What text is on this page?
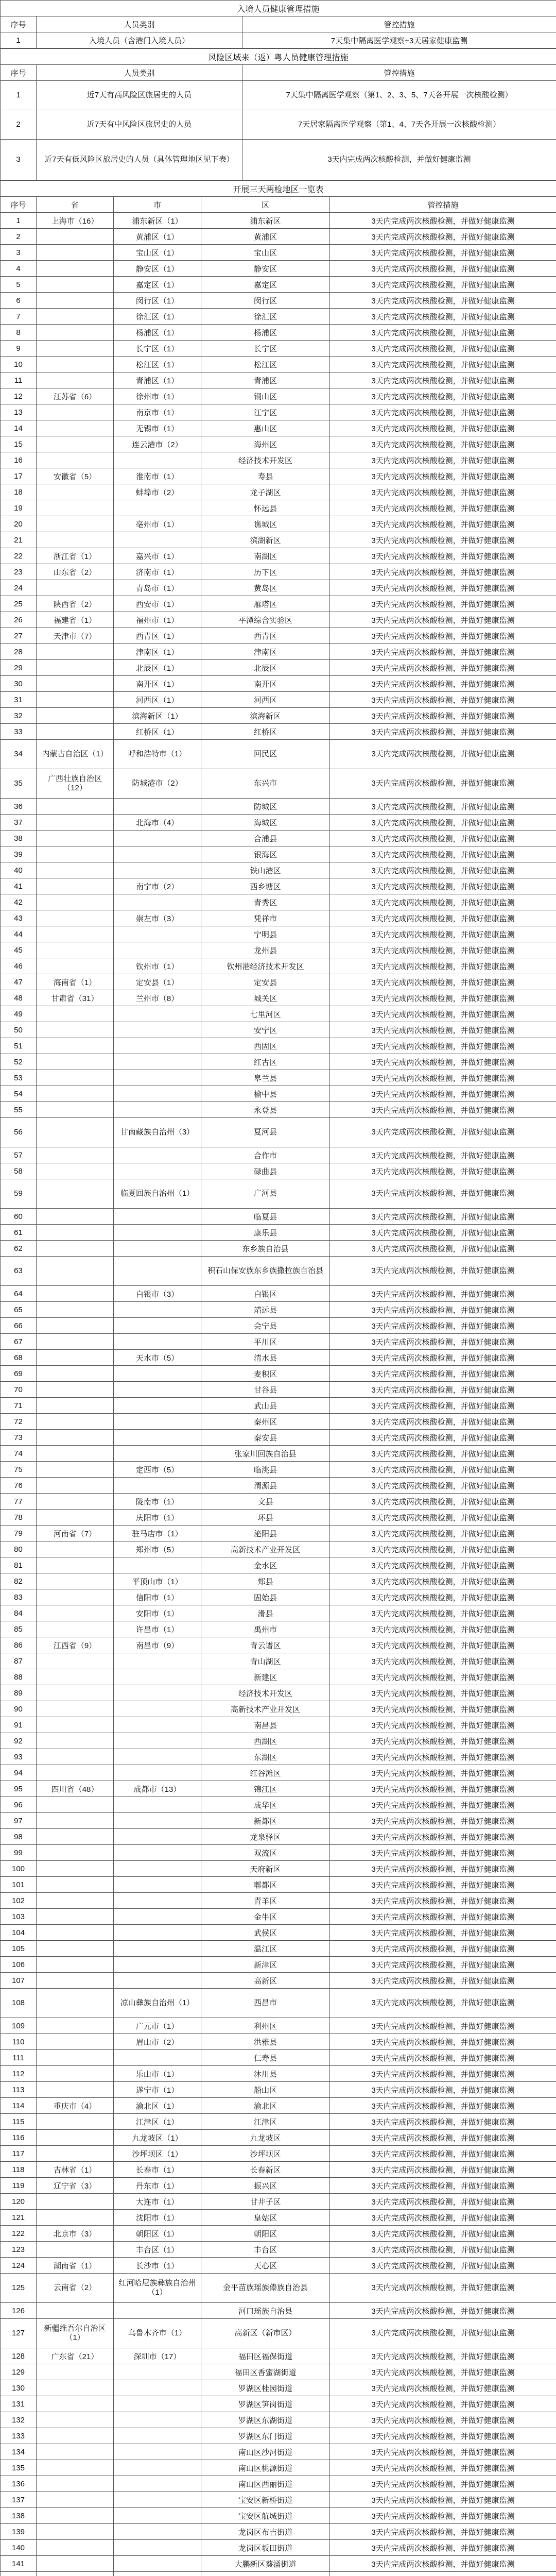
入境人员健康管理措施		
序号	人员类别	管控措施
1	入境人员（含港门入境人员）	7天集中隔离医学观察+3天居家健康监测
风险区域来（返）粤人员健康管理措施		
序号	人员类别	管控措施
1	近7天有高风险区旅居史的人员	7天集中隔离医学观察（第1、2、3、5、7天各开展一次核酸检测）
2	近7天有中风险区旅居史的人员	7天居家隔离医学观察（第1、4、7天各开展一次核酸检测）
3	近7天有低风险区旅居史的人员（具体管理地区见下表）	3天内完成两次核酸检测，并做好健康监测
开展三天两检地区一览表				
序号	省	市	区	管控措施
1	上海市（16）	浦东新区（1）	浦东新区	3天内完成两次核酸检测，并做好健康监测
2		黄浦区（1）	黄浦区	3天内完成两次核酸检测，并做好健康监测
3		宝山区（1）	宝山区	3天内完成两次核酸检测，并做好健康监测
4		静安区（1）	静安区	3天内完成两次核酸检测，并做好健康监测
5		嘉定区（1）	嘉定区	3天内完成两次核酸检测，并做好健康监测
6		闵行区（1）	闵行区	3天内完成两次核酸检测，并做好健康监测
7		徐汇区（1）	徐汇区	3天内完成两次核酸检测，并做好健康监测
8		杨浦区（1）	杨浦区	3天内完成两次核酸检测，并做好健康监测
9		长宁区（1）	长宁区	3天内完成两次核酸检测，并做好健康监测
10		松江区（1）	松江区	3天内完成两次核酸检测，并做好健康监测
11		青浦区（1）	青浦区	3天内完成两次核酸检测，并做好健康监测
12	江苏省（6）	徐州市（1）	铜山区	3天内完成两次核酸检测，并做好健康监测
13		南京市（1）	江宁区	3天内完成两次核酸检测，并做好健康监测
14		无锡市（1）	惠山区	3天内完成两次核酸检测，并做好健康监测
15		连云港市（2）	海州区	3天内完成两次核酸检测，并做好健康监测
16			经济技术开发区	3天内完成两次核酸检测，并做好健康监测
17	安徽省（5）	淮南市（1）	寿县	3天内完成两次核酸检测，并做好健康监测
18		蚌埠市（2）	龙子湖区	3天内完成两次核酸检测，并做好健康监测
19			怀远县	3天内完成两次核酸检测，并做好健康监测
20		亳州市（1）	谯城区	3天内完成两次核酸检测，并做好健康监测
21			滨湖新区	3天内完成两次核酸检测，并做好健康监测
22	浙江省（1）	嘉兴市（1）	南湖区	3天内完成两次核酸检测，并做好健康监测
23	山东省（2）	济南市（1）	历下区	3天内完成两次核酸检测，并做好健康监测
24		青岛市（1）	黄岛区	3天内完成两次核酸检测，并做好健康监测
25	陕西省（2）	西安市（1）	雁塔区	3天内完成两次核酸检测，并做好健康监测
26	福建省（1）	福州市（1）	平潭综合实验区	3天内完成两次核酸检测，并做好健康监测
27	天津市（7）	西青区（1）	西青区	3天内完成两次核酸检测，并做好健康监测
28		津南区（1）	津南区	3天内完成两次核酸检测，并做好健康监测
29		北辰区（1）	北辰区	3天内完成两次核酸检测，并做好健康监测
30		南开区（1）	南开区	3天内完成两次核酸检测，并做好健康监测
31		河西区（1）	河西区	3天内完成两次核酸检测，并做好健康监测
32		滨海新区（1）	滨海新区	3天内完成两次核酸检测，并做好健康监测
33		红桥区（1）	红桥区	3天内完成两次核酸检测，并做好健康监测
34	内蒙古自治区（1）	呼和浩特市（1）	回民区	3天内完成两次核酸检测，并做好健康监测
35	广西壮族自治区（12）	防城港市（2）	东兴市	3天内完成两次核酸检测，并做好健康监测
36			防城区	3天内完成两次核酸检测，并做好健康监测
37		北海市（4）	海城区	3天内完成两次核酸检测，并做好健康监测
38			合浦县	3天内完成两次核酸检测，并做好健康监测
39			银海区	3天内完成两次核酸检测，并做好健康监测
40			铁山港区	3天内完成两次核酸检测，并做好健康监测
41		南宁市（2）	西乡塘区	3天内完成两次核酸检测，并做好健康监测
42			青秀区	3天内完成两次核酸检测，并做好健康监测
43		崇左市（3）	凭祥市	3天内完成两次核酸检测，并做好健康监测
44			宁明县	3天内完成两次核酸检测，并做好健康监测
45			龙州县	3天内完成两次核酸检测，并做好健康监测
46		钦州市（1）	钦州港经济技术开发区	3天内完成两次核酸检测，并做好健康监测
47	海南省（1）	定安县（1）	定安县	3天内完成两次核酸检测，并做好健康监测
48	甘肃省（31）	兰州市（8）	城关区	3天内完成两次核酸检测，并做好健康监测
49			七里河区	3天内完成两次核酸检测，并做好健康监测
50			安宁区	3天内完成两次核酸检测，并做好健康监测
51			西固区	3天内完成两次核酸检测，并做好健康监测
52			红古区	3天内完成两次核酸检测，并做好健康监测
53			皋兰县	3天内完成两次核酸检测，并做好健康监测
54			榆中县	3天内完成两次核酸检测，并做好健康监测
55			永登县	3天内完成两次核酸检测，并做好健康监测
56		甘南藏族自治州（3）	夏河县	3天内完成两次核酸检测，并做好健康监测
57			合作市	3天内完成两次核酸检测，并做好健康监测
58			碌曲县	3天内完成两次核酸检测，并做好健康监测
59		临夏回族自治州（1）	广河县	3天内完成两次核酸检测，并做好健康监测
60			临夏县	3天内完成两次核酸检测，并做好健康监测
61			康乐县	3天内完成两次核酸检测，并做好健康监测
62			东乡族自治县	3天内完成两次核酸检测，并做好健康监测
63			积石山保安族东乡族撒拉族自治县	3天内完成两次核酸检测，并做好健康监测
64		白银市（3）	白银区	3天内完成两次核酸检测，并做好健康监测
65			靖远县	3天内完成两次核酸检测，并做好健康监测
66			会宁县	3天内完成两次核酸检测，并做好健康监测
67			平川区	3天内完成两次核酸检测，并做好健康监测
68		天水市（5）	清水县	3天内完成两次核酸检测，并做好健康监测
69			麦积区	3天内完成两次核酸检测，并做好健康监测
70			甘谷县	3天内完成两次核酸检测，并做好健康监测
71			武山县	3天内完成两次核酸检测，并做好健康监测
72			秦州区	3天内完成两次核酸检测，并做好健康监测
73			秦安县	3天内完成两次核酸检测，并做好健康监测
74			张家川回族自治县	3天内完成两次核酸检测，并做好健康监测
75		定西市（5）	临洮县	3天内完成两次核酸检测，并做好健康监测
76			渭源县	3天内完成两次核酸检测，并做好健康监测
77		陇南市（1）	文县	3天内完成两次核酸检测，并做好健康监测
78		庆阳市（1）	环县	3天内完成两次核酸检测，并做好健康监测
79	河南省（7）	驻马店市（1）	泌阳县	3天内完成两次核酸检测，并做好健康监测
80		郑州市（5）	高新技术产业开发区	3天内完成两次核酸检测，并做好健康监测
81			金水区	3天内完成两次核酸检测，并做好健康监测
82		平顶山市（1）	郏县	3天内完成两次核酸检测，并做好健康监测
83		信阳市（1）	固始县	3天内完成两次核酸检测，并做好健康监测
84		安阳市（1）	滑县	3天内完成两次核酸检测，并做好健康监测
85		许昌市（1）	禹州市	3天内完成两次核酸检测，并做好健康监测
86	江西省（9）	南昌市（9）	青云谱区	3天内完成两次核酸检测，并做好健康监测
87			青山湖区	3天内完成两次核酸检测，并做好健康监测
88			新建区	3天内完成两次核酸检测，并做好健康监测
89			经济技术开发区	3天内完成两次核酸检测，并做好健康监测
90			高新技术产业开发区	3天内完成两次核酸检测，并做好健康监测
91			南昌县	3天内完成两次核酸检测，并做好健康监测
92			西湖区	3天内完成两次核酸检测，并做好健康监测
93			东湖区	3天内完成两次核酸检测，并做好健康监测
94			红谷滩区	3天内完成两次核酸检测，并做好健康监测
95	四川省（48）	成都市（13）	锦江区	3天内完成两次核酸检测，并做好健康监测
96			成华区	3天内完成两次核酸检测，并做好健康监测
97			新都区	3天内完成两次核酸检测，并做好健康监测
98			龙泉驿区	3天内完成两次核酸检测，并做好健康监测
99			双流区	3天内完成两次核酸检测，并做好健康监测
100			天府新区	3天内完成两次核酸检测，并做好健康监测
101			郫都区	3天内完成两次核酸检测，并做好健康监测
102			青羊区	3天内完成两次核酸检测，并做好健康监测
103			金牛区	3天内完成两次核酸检测，并做好健康监测
104			武侯区	3天内完成两次核酸检测，并做好健康监测
105			温江区	3天内完成两次核酸检测，并做好健康监测
106			新津区	3天内完成两次核酸检测，并做好健康监测
107			高新区	3天内完成两次核酸检测，并做好健康监测
108		凉山彝族自治州（1）	西昌市	3天内完成两次核酸检测，并做好健康监测
109		广元市（1）	利州区	3天内完成两次核酸检测，并做好健康监测
110		眉山市（2）	洪雅县	3天内完成两次核酸检测，并做好健康监测
111			仁寿县	3天内完成两次核酸检测，并做好健康监测
112		乐山市（1）	沐川县	3天内完成两次核酸检测，并做好健康监测
113		遂宁市（1）	船山区	3天内完成两次核酸检测，并做好健康监测
114	重庆市（4）	渝北区（1）	渝北区	3天内完成两次核酸检测，并做好健康监测
115		江津区（1）	江津区	3天内完成两次核酸检测，并做好健康监测
116		九龙坡区（1）	九龙坡区	3天内完成两次核酸检测，并做好健康监测
117		沙坪坝区（1）	沙坪坝区	3天内完成两次核酸检测，并做好健康监测
118	吉林省（1）	长春市（1）	长春新区	3天内完成两次核酸检测，并做好健康监测
119	辽宁省（3）	丹东市（1）	振兴区	3天内完成两次核酸检测，并做好健康监测
120		大连市（1）	甘井子区	3天内完成两次核酸检测，并做好健康监测
121		沈阳市（1）	皇姑区	3天内完成两次核酸检测，并做好健康监测
122	北京市（3）	朝阳区（1）	朝阳区	3天内完成两次核酸检测，并做好健康监测
123		丰台区（1）	丰台区	3天内完成两次核酸检测，并做好健康监测
124	湖南省（1）	长沙市（1）	天心区	3天内完成两次核酸检测，并做好健康监测
125	云南省（2）	红河哈尼族彝族自治州（1）	金平苗族瑶族傣族自治县	3天内完成两次核酸检测，并做好健康监测
126			河口瑶族自治县	3天内完成两次核酸检测，并做好健康监测
127	新疆维吾尔自治区（1）	乌鲁木齐市（1）	高新区（新市区）	3天内完成两次核酸检测，并做好健康监测
128	广东省（21）	深圳市（17）	福田区福保街道	3天内完成两次核酸检测，并做好健康监测
129			福田区香蜜湖街道	3天内完成两次核酸检测，并做好健康监测
130			罗湖区桂园街道	3天内完成两次核酸检测，并做好健康监测
131			罗湖区笋岗街道	3天内完成两次核酸检测，并做好健康监测
132			罗湖区东湖街道	3天内完成两次核酸检测，并做好健康监测
133			罗湖区东门街道	3天内完成两次核酸检测，并做好健康监测
134			南山区沙河街道	3天内完成两次核酸检测，并做好健康监测
135			南山区桃源街道	3天内完成两次核酸检测，并做好健康监测
136			南山区西丽街道	3天内完成两次核酸检测，并做好健康监测
137			宝安区新桥街道	3天内完成两次核酸检测，并做好健康监测
138			宝安区航城街道	3天内完成两次核酸检测，并做好健康监测
139			龙岗区布吉街道	3天内完成两次核酸检测，并做好健康监测
140			龙岗区坂田街道	3天内完成两次核酸检测，并做好健康监测
141			大鹏新区葵涌街道	3天内完成两次核酸检测，并做好健康监测
